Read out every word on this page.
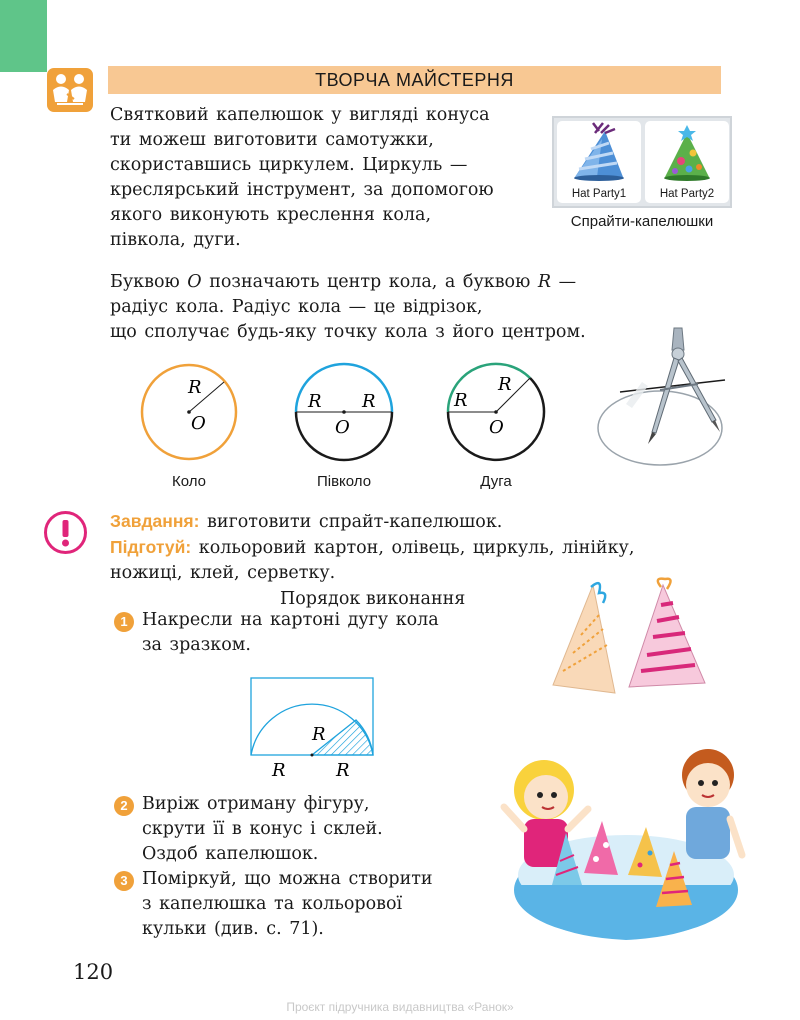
ТВОРЧА МАЙСТЕРНЯ
Святковий капелюшок у вигляді конуса
ти можеш виготовити самотужки,
скориставшись циркулем. Циркуль —
креслярський інструмент, за допомогою
якого виконують креслення кола,
півкола, дуги.
Hat Party1	Hat Party2
Спрайти-капелюшки
Буквою O позначають центр кола, а буквою R —
радіус кола. Радіус кола — це відрізок,
що сполучає будь-яку точку кола з його центром.
R
O
R R
O
R
R
O
Коло	Півколо	Дуга
Завдання: виготовити спрайт-капелюшок.
Підготуй: кольоровий картон, олівець, циркуль, лінійку,
ножиці, клей, серветку.
Порядок виконання
1 Накресли на картоні дугу кола
за зразком.
R
R	R
2 Виріж отриману фігуру,
скрути її в конус і склей.
Оздоб капелюшок.
3 Поміркуй, що можна створити
з капелюшка та кольорової
кульки (див. с. 71).
120
Проєкт підручника видавництва «Ранок»
